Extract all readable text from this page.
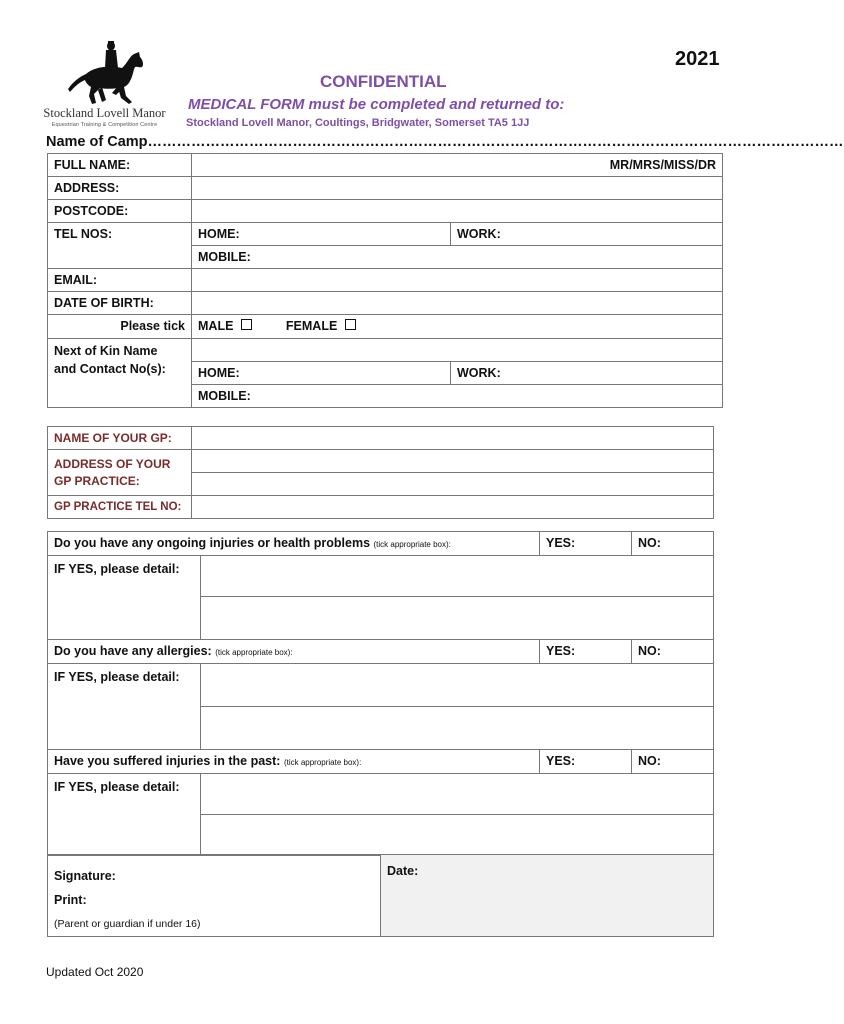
Stockland Lovell Manor
Equestrian Training & Competition Centre
2021
CONFIDENTIAL
MEDICAL FORM must be completed and returned to:
Stockland Lovell Manor, Coultings, Bridgwater, Somerset TA5 1JJ
Name of Camp………………………………………………………………………………………………………………………………
FULL NAME:	MR/MRS/MISS/DR	
ADDRESS:		
POSTCODE:		
TEL NOS:	HOME:	WORK:
	MOBILE:	
EMAIL:		
DATE OF BIRTH:		
Please tick	MALE FEMALE	
Next of Kin Name
and Contact No(s):		
	HOME:	WORK:
	MOBILE:	
NAME OF YOUR GP:	
ADDRESS OF YOUR
GP PRACTICE:	

GP PRACTICE TEL NO:	
Do you have any ongoing injuries or health problems (tick appropriate box):		YES:	NO:
IF YES, please detail:			

Do you have any allergies: (tick appropriate box):		YES:	NO:
IF YES, please detail:			

Have you suffered injuries in the past: (tick appropriate box):		YES:	NO:
IF YES, please detail:			

Signature:
Print:
(Parent or guardian if under 16)
	Date:
Updated Oct 2020
